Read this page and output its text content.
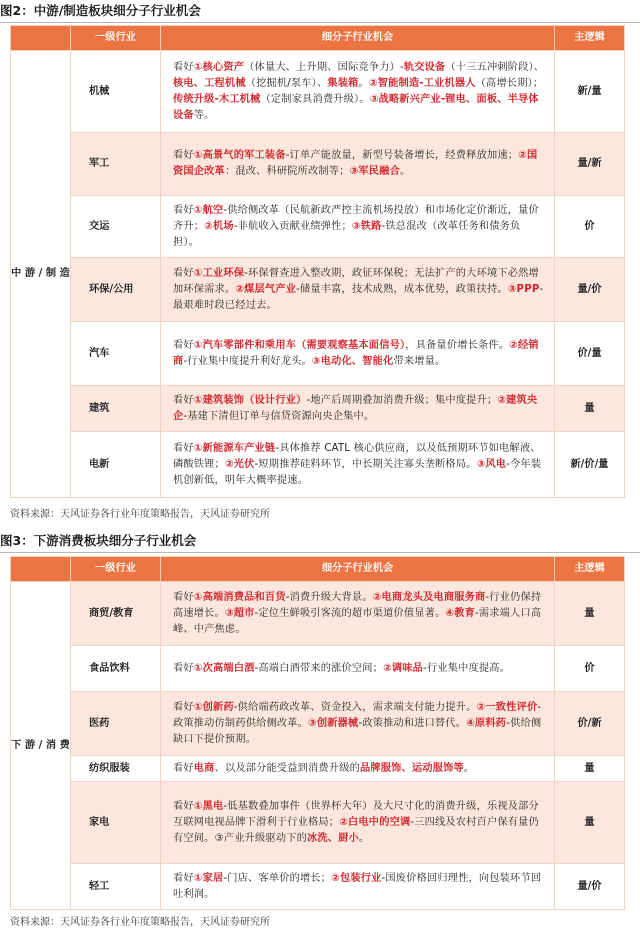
图2：中游/制造板块细分子行业机会
	一级行业	细分子行业机会	主逻辑
中 游 / 制 造	机械	看好①核心资产（体量大、上升期、国际竞争力）-轨交设备（十三五冲刺阶段）、核电、工程机械（挖掘机/泵车）、集装箱。②智能制造-工业机器人（高增长期）；传统升级-木工机械（定制家具消费升级）。③战略新兴产业-锂电、面板、半导体设备等。	新/量
	军工	看好①高景气的军工装备-订单产能放量，新型号装备增长，经费释放加速；②国资国企改革：混改、科研院所改制等；③军民融合。	量/新
	交运	看好①航空-供给侧改革（民航新政严控主流机场投放）和市场化定价渐近，量价齐升；②机场-非航收入贡献业绩弹性；③铁路-铁总混改（改革任务和债务负担）。	价
	环保/公用	看好①工业环保-环保督查进入整改期，政征环保税；无法扩产的大环境下必然增加环保需求。②煤层气产业-储量丰富，技术成熟，成本优势，政策扶持。③PPP-最艰难时段已经过去。	量/价
	汽车	看好①汽车零部件和乘用车（需要观察基本面信号），具备量价增长条件。②经销商-行业集中度提升利好龙头。③电动化、智能化带来增量。	价/量
	建筑	看好①建筑装饰（设计行业）-地产后周期叠加消费升级；集中度提升；②建筑央企-基建下清但订单与信贷资源向央企集中。	量
	电新	看好①新能源车产业链-具体推荐 CATL 核心供应商，以及低预期环节如电解液、磷酸铁锂；②光伏-短期推荐硅料环节，中长期关注寡头垄断格局。③风电-今年装机创新低，明年大概率提速。	新/价/量
资料来源：天风证券各行业年度策略报告，天风证券研究所
图3：下游消费板块细分子行业机会
	一级行业	细分子行业机会	主逻辑
下 游 / 消 费	商贸/教育	看好①高端消费品和百货-消费升级大背景。②电商龙头及电商服务商-行业仍保持高速增长。③超市-定位生鲜吸引客流的超市渠道价值显著。④教育-需求端人口高峰、中产焦虑。	量
	食品饮料	看好①次高端白酒-高端白酒带来的涨价空间；②调味品-行业集中度提高。	价
	医药	看好①创新药-供给端药政改革、资金投入，需求端支付能力提升。②一致性评价-政策推动仿制药供给侧改革。③创新器械-政策推动和进口替代。④原料药-供给侧缺口下提价预期。	价/新
	纺织服装	看好电商、以及部分能受益到消费升级的品牌服饰、运动服饰等。	量
	家电	看好①黑电-低基数叠加事件（世界杯大年）及大尺寸化的消费升级，乐视及部分互联网电视品牌下滑利于行业格局；②白电中的空调-三四线及农村百户保有量仍有空间。③产业升级驱动下的冰洗、厨小。	量
	轻工	看好①家居-门店、客单价的增长；②包装行业-国废价格回归理性，向包装环节回吐利润。	量/价
资料来源：天风证券各行业年度策略报告，天风证券研究所
